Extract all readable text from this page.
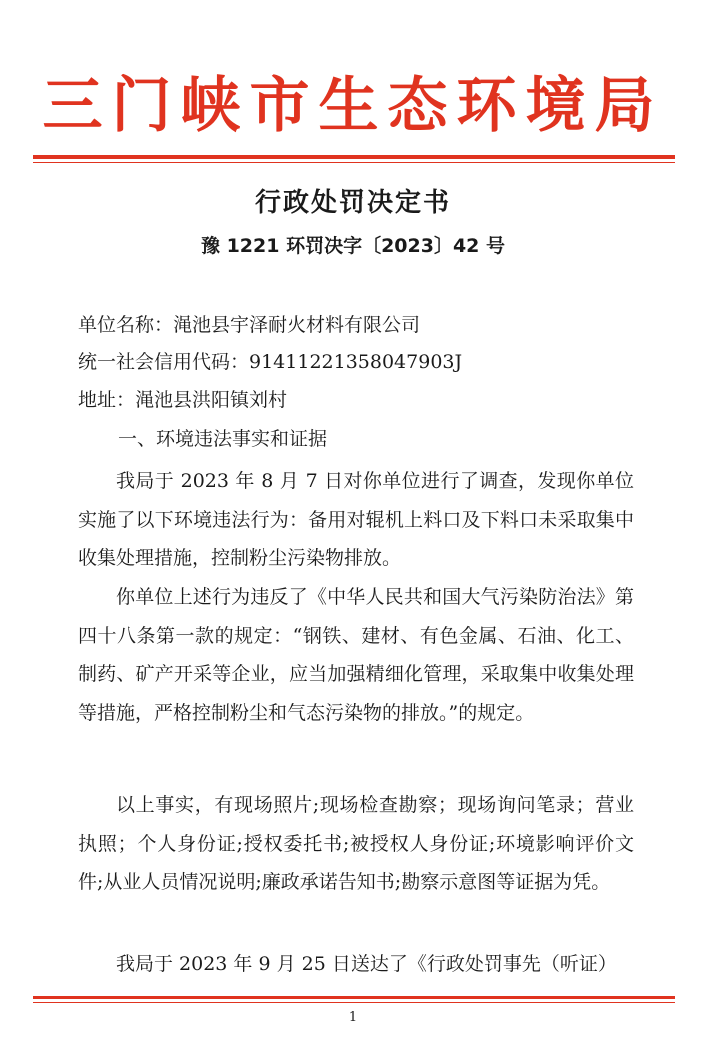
三门峡市生态环境局
行政处罚决定书
豫 1221 环罚决字〔2023〕42 号
单位名称：渑池县宇泽耐火材料有限公司
统一社会信用代码：91411221358047903J
地址：渑池县洪阳镇刘村
一、环境违法事实和证据
我局于 2023 年 8 月 7 日对你单位进行了调查，发现你单位实施了以下环境违法行为：备用对辊机上料口及下料口未采取集中收集处理措施，控制粉尘污染物排放。
你单位上述行为违反了《中华人民共和国大气污染防治法》第四十八条第一款的规定：“钢铁、建材、有色金属、石油、化工、制药、矿产开采等企业，应当加强精细化管理，采取集中收集处理等措施，严格控制粉尘和气态污染物的排放。”的规定。
以上事实，有现场照片;现场检查勘察；现场询问笔录；营业执照；个人身份证;授权委托书;被授权人身份证;环境影响评价文件;从业人员情况说明;廉政承诺告知书;勘察示意图等证据为凭。
我局于 2023 年 9 月 25 日送达了《行政处罚事先（听证）
1
